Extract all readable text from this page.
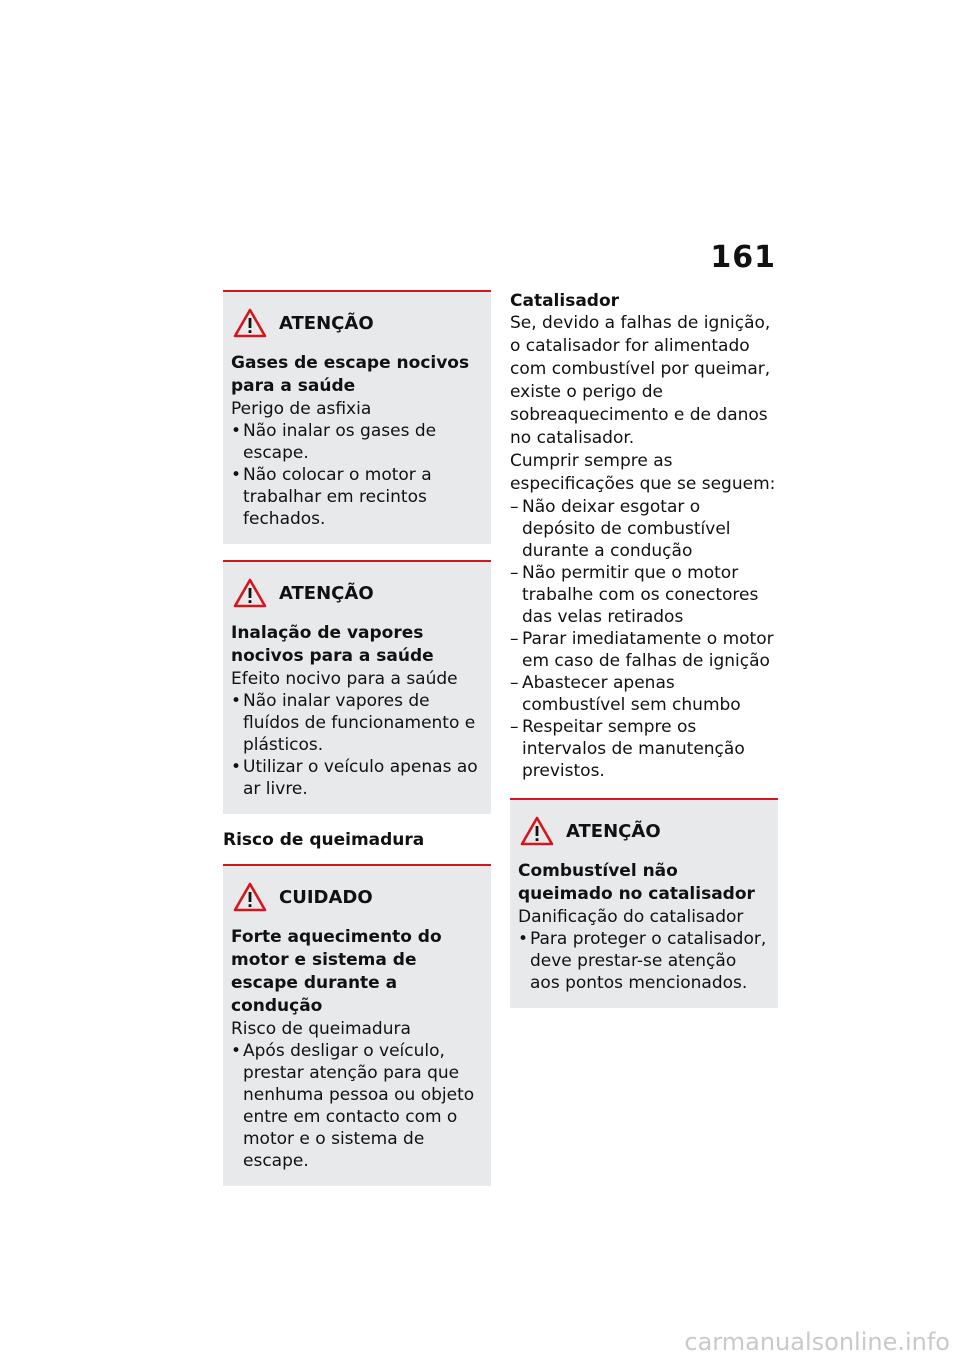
161
ATENÇÃO
Gases de escape nocivos para a saúde
Perigo de asfixia
• Não inalar os gases de escape.
• Não colocar o motor a trabalhar em recintos fechados.
ATENÇÃO
Inalação de vapores nocivos para a saúde
Efeito nocivo para a saúde
• Não inalar vapores de fluídos de funcionamento e plásticos.
• Utilizar o veículo apenas ao ar livre.
Risco de queimadura
CUIDADO
Forte aquecimento do motor e sistema de escape durante a condução
Risco de queimadura
• Após desligar o veículo, prestar atenção para que nenhuma pessoa ou objeto entre em contacto com o motor e o sistema de escape.
Catalisador
Se, devido a falhas de ignição, o catalisador for alimentado com combustível por queimar, existe o perigo de sobreaquecimento e de danos no catalisador.
Cumprir sempre as especificações que se seguem:
– Não deixar esgotar o depósito de combustível durante a condução
– Não permitir que o motor trabalhe com os conectores das velas retirados
– Parar imediatamente o motor em caso de falhas de ignição
– Abastecer apenas combustível sem chumbo
– Respeitar sempre os intervalos de manutenção previstos.
ATENÇÃO
Combustível não queimado no catalisador
Danificação do catalisador
• Para proteger o catalisador, deve prestar-se atenção aos pontos mencionados.
carmanualsonline.info
